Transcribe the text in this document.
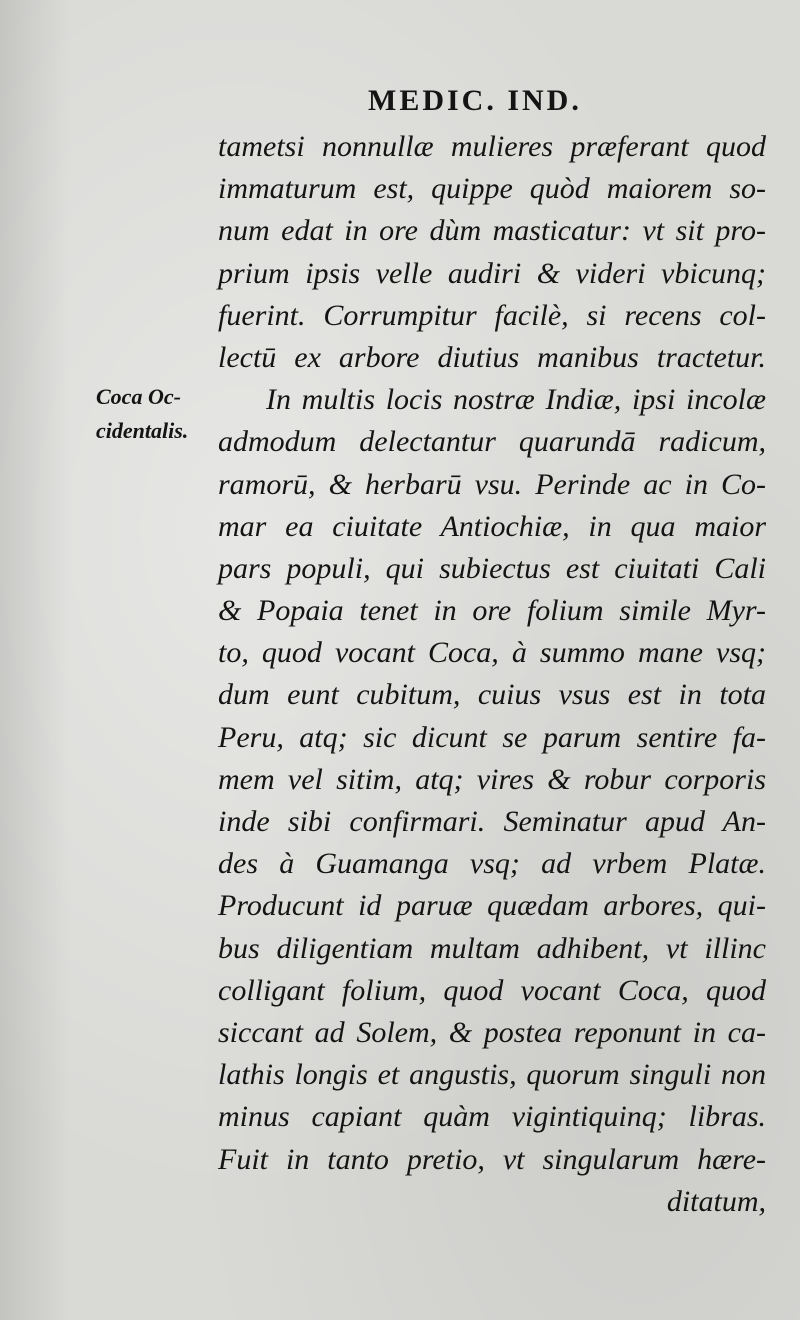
MEDIC. IND.
Coca Oc-
cidentalis.
tametsi nonnullæ mulieres præferant quod
immaturum est, quippe quòd maiorem so-
num edat in ore dùm masticatur: vt sit pro-
prium ipsis velle audiri & videri vbicunq;
fuerint. Corrumpitur facilè, si recens col-
lectū ex arbore diutius manibus tractetur.
In multis locis nostræ Indiæ, ipsi incolæ
admodum delectantur quarundā radicum,
ramorū, & herbarū vsu. Perinde ac in Co-
mar ea ciuitate Antiochiæ, in qua maior
pars populi, qui subiectus est ciuitati Cali
& Popaia tenet in ore folium simile Myr-
to, quod vocant Coca, à summo mane vsq;
dum eunt cubitum, cuius vsus est in tota
Peru, atq; sic dicunt se parum sentire fa-
mem vel sitim, atq; vires & robur corporis
inde sibi confirmari. Seminatur apud An-
des à Guamanga vsq; ad vrbem Platæ.
Producunt id paruæ quædam arbores, qui-
bus diligentiam multam adhibent, vt illinc
colligant folium, quod vocant Coca, quod
siccant ad Solem, & postea reponunt in ca-
lathis longis et angustis, quorum singuli non
minus capiant quàm vigintiquinq; libras.
Fuit in tanto pretio, vt singularum hære-
ditatum,
